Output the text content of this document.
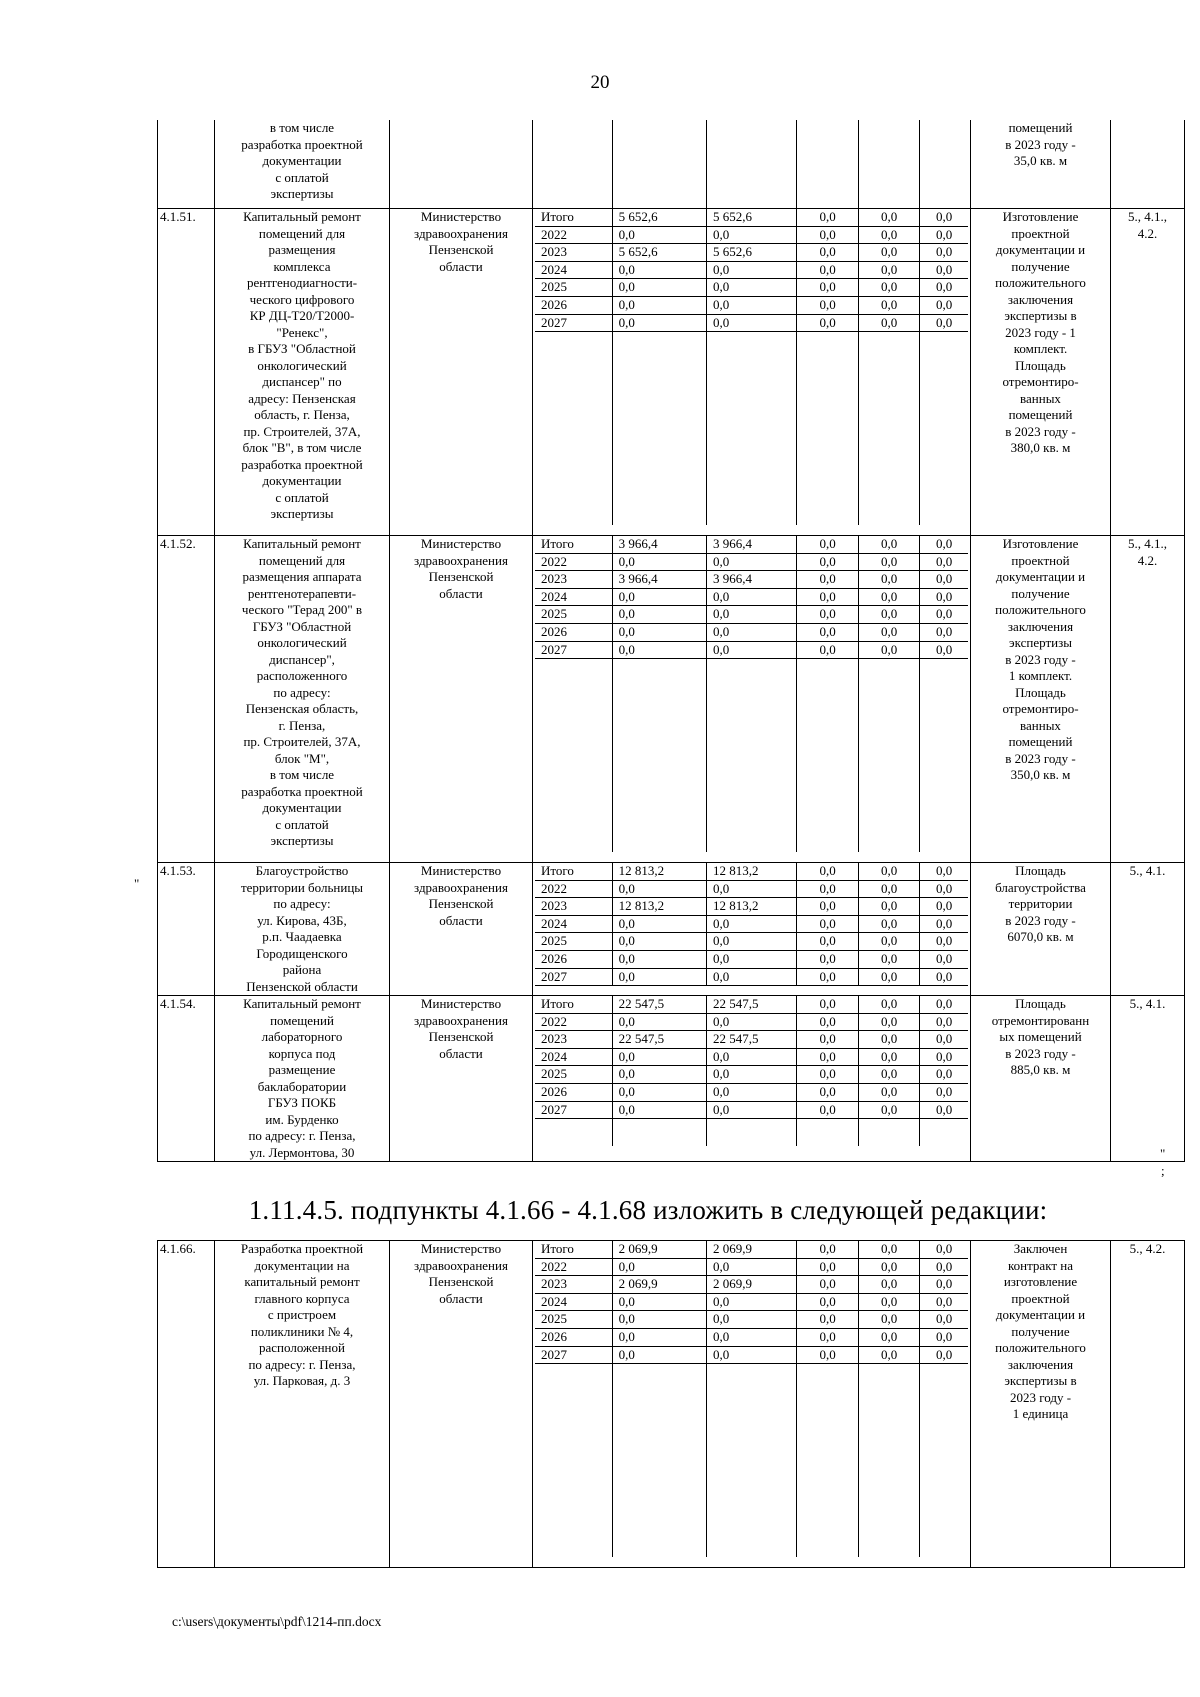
20

в том числе
разработка проектной
документации
с оплатой
экспертизы

помещений
в 2023 году -
35,0 кв. м

4.1.51.	Капитальный ремонт
помещений для
размещения
комплекса
рентгенодиагности-
ческого цифрового
КР ДЦ-Т20/Т2000-
"Ренекс",
в ГБУЗ "Областной
онкологический
диспансер" по
адресу: Пензенская
область, г. Пенза,
пр. Строителей, 37А,
блок "В", в том числе
разработка проектной
документации
с оплатой
экспертизы

Министерство
здравоохранения
Пензенской
области

Итого	5 652,6	5 652,6	0,0	0,0	0,0
2022	0,0	0,0	0,0	0,0	0,0
2023	5 652,6	5 652,6	0,0	0,0	0,0
2024	0,0	0,0	0,0	0,0	0,0
2025	0,0	0,0	0,0	0,0	0,0
2026	0,0	0,0	0,0	0,0	0,0
2027	0,0	0,0	0,0	0,0	0,0

Изготовление
проектной
документации и
получение
положительного
заключения
экспертизы в
2023 году - 1
комплект.
Площадь
отремонтиро-
ванных
помещений
в 2023 году -
380,0 кв. м

5., 4.1.,
4.2.

4.1.52.	Капитальный ремонт
помещений для
размещения аппарата
рентгенотерапевти-
ческого "Терад 200" в
ГБУЗ "Областной
онкологический
диспансер",
расположенного
по адресу:
Пензенская область,
г. Пенза,
пр. Строителей, 37А,
блок "М",
в том числе
разработка проектной
документации
с оплатой
экспертизы

Министерство
здравоохранения
Пензенской
области

Итого	3 966,4	3 966,4	0,0	0,0	0,0
2022	0,0	0,0	0,0	0,0	0,0
2023	3 966,4	3 966,4	0,0	0,0	0,0
2024	0,0	0,0	0,0	0,0	0,0
2025	0,0	0,0	0,0	0,0	0,0
2026	0,0	0,0	0,0	0,0	0,0
2027	0,0	0,0	0,0	0,0	0,0

Изготовление
проектной
документации и
получение
положительного
заключения
экспертизы
в 2023 году -
1 комплект.
Площадь
отремонтиро-
ванных
помещений
в 2023 году -
350,0 кв. м

5., 4.1.,
4.2.

4.1.53.	Благоустройство
территории больницы
по адресу:
ул. Кирова, 43Б,
р.п. Чаадаевка
Городищенского
района
Пензенской области

Министерство
здравоохранения
Пензенской
области

Итого	12 813,2	12 813,2	0,0	0,0	0,0
2022	0,0	0,0	0,0	0,0	0,0
2023	12 813,2	12 813,2	0,0	0,0	0,0
2024	0,0	0,0	0,0	0,0	0,0
2025	0,0	0,0	0,0	0,0	0,0
2026	0,0	0,0	0,0	0,0	0,0
2027	0,0	0,0	0,0	0,0	0,0

Площадь
благоустройства
территории
в 2023 году -
6070,0 кв. м

5., 4.1.

4.1.54.	Капитальный ремонт
помещений
лабораторного
корпуса под
размещение
баклаборатории
ГБУЗ ПОКБ
им. Бурденко
по адресу: г. Пенза,
ул. Лермонтова, 30

Министерство
здравоохранения
Пензенской
области

Итого	22 547,5	22 547,5	0,0	0,0	0,0
2022	0,0	0,0	0,0	0,0	0,0
2023	22 547,5	22 547,5	0,0	0,0	0,0
2024	0,0	0,0	0,0	0,0	0,0
2025	0,0	0,0	0,0	0,0	0,0
2026	0,0	0,0	0,0	0,0	0,0
2027	0,0	0,0	0,0	0,0	0,0

Площадь
отремонтированн
ых помещений
в 2023 году -
885,0 кв. м

5., 4.1.
1.11.4.5. подпункты 4.1.66 - 4.1.68 изложить в следующей редакции:
4.1.66.	Разработка проектной
документации на
капитальный ремонт
главного корпуса
с пристроем
поликлиники № 4,
расположенной
по адресу: г. Пенза,
ул. Парковая, д. 3

Министерство
здравоохранения
Пензенской
области

Итого	2 069,9	2 069,9	0,0	0,0	0,0
2022	0,0	0,0	0,0	0,0	0,0
2023	2 069,9	2 069,9	0,0	0,0	0,0
2024	0,0	0,0	0,0	0,0	0,0
2025	0,0	0,0	0,0	0,0	0,0
2026	0,0	0,0	0,0	0,0	0,0
2027	0,0	0,0	0,0	0,0	0,0

Заключен
контракт на
изготовление
проектной
документации и
получение
положительного
заключения
экспертизы в
2023 году -
1 единица

5., 4.2.
"
"
;
c:\users\документы\pdf\1214-пп.docx
